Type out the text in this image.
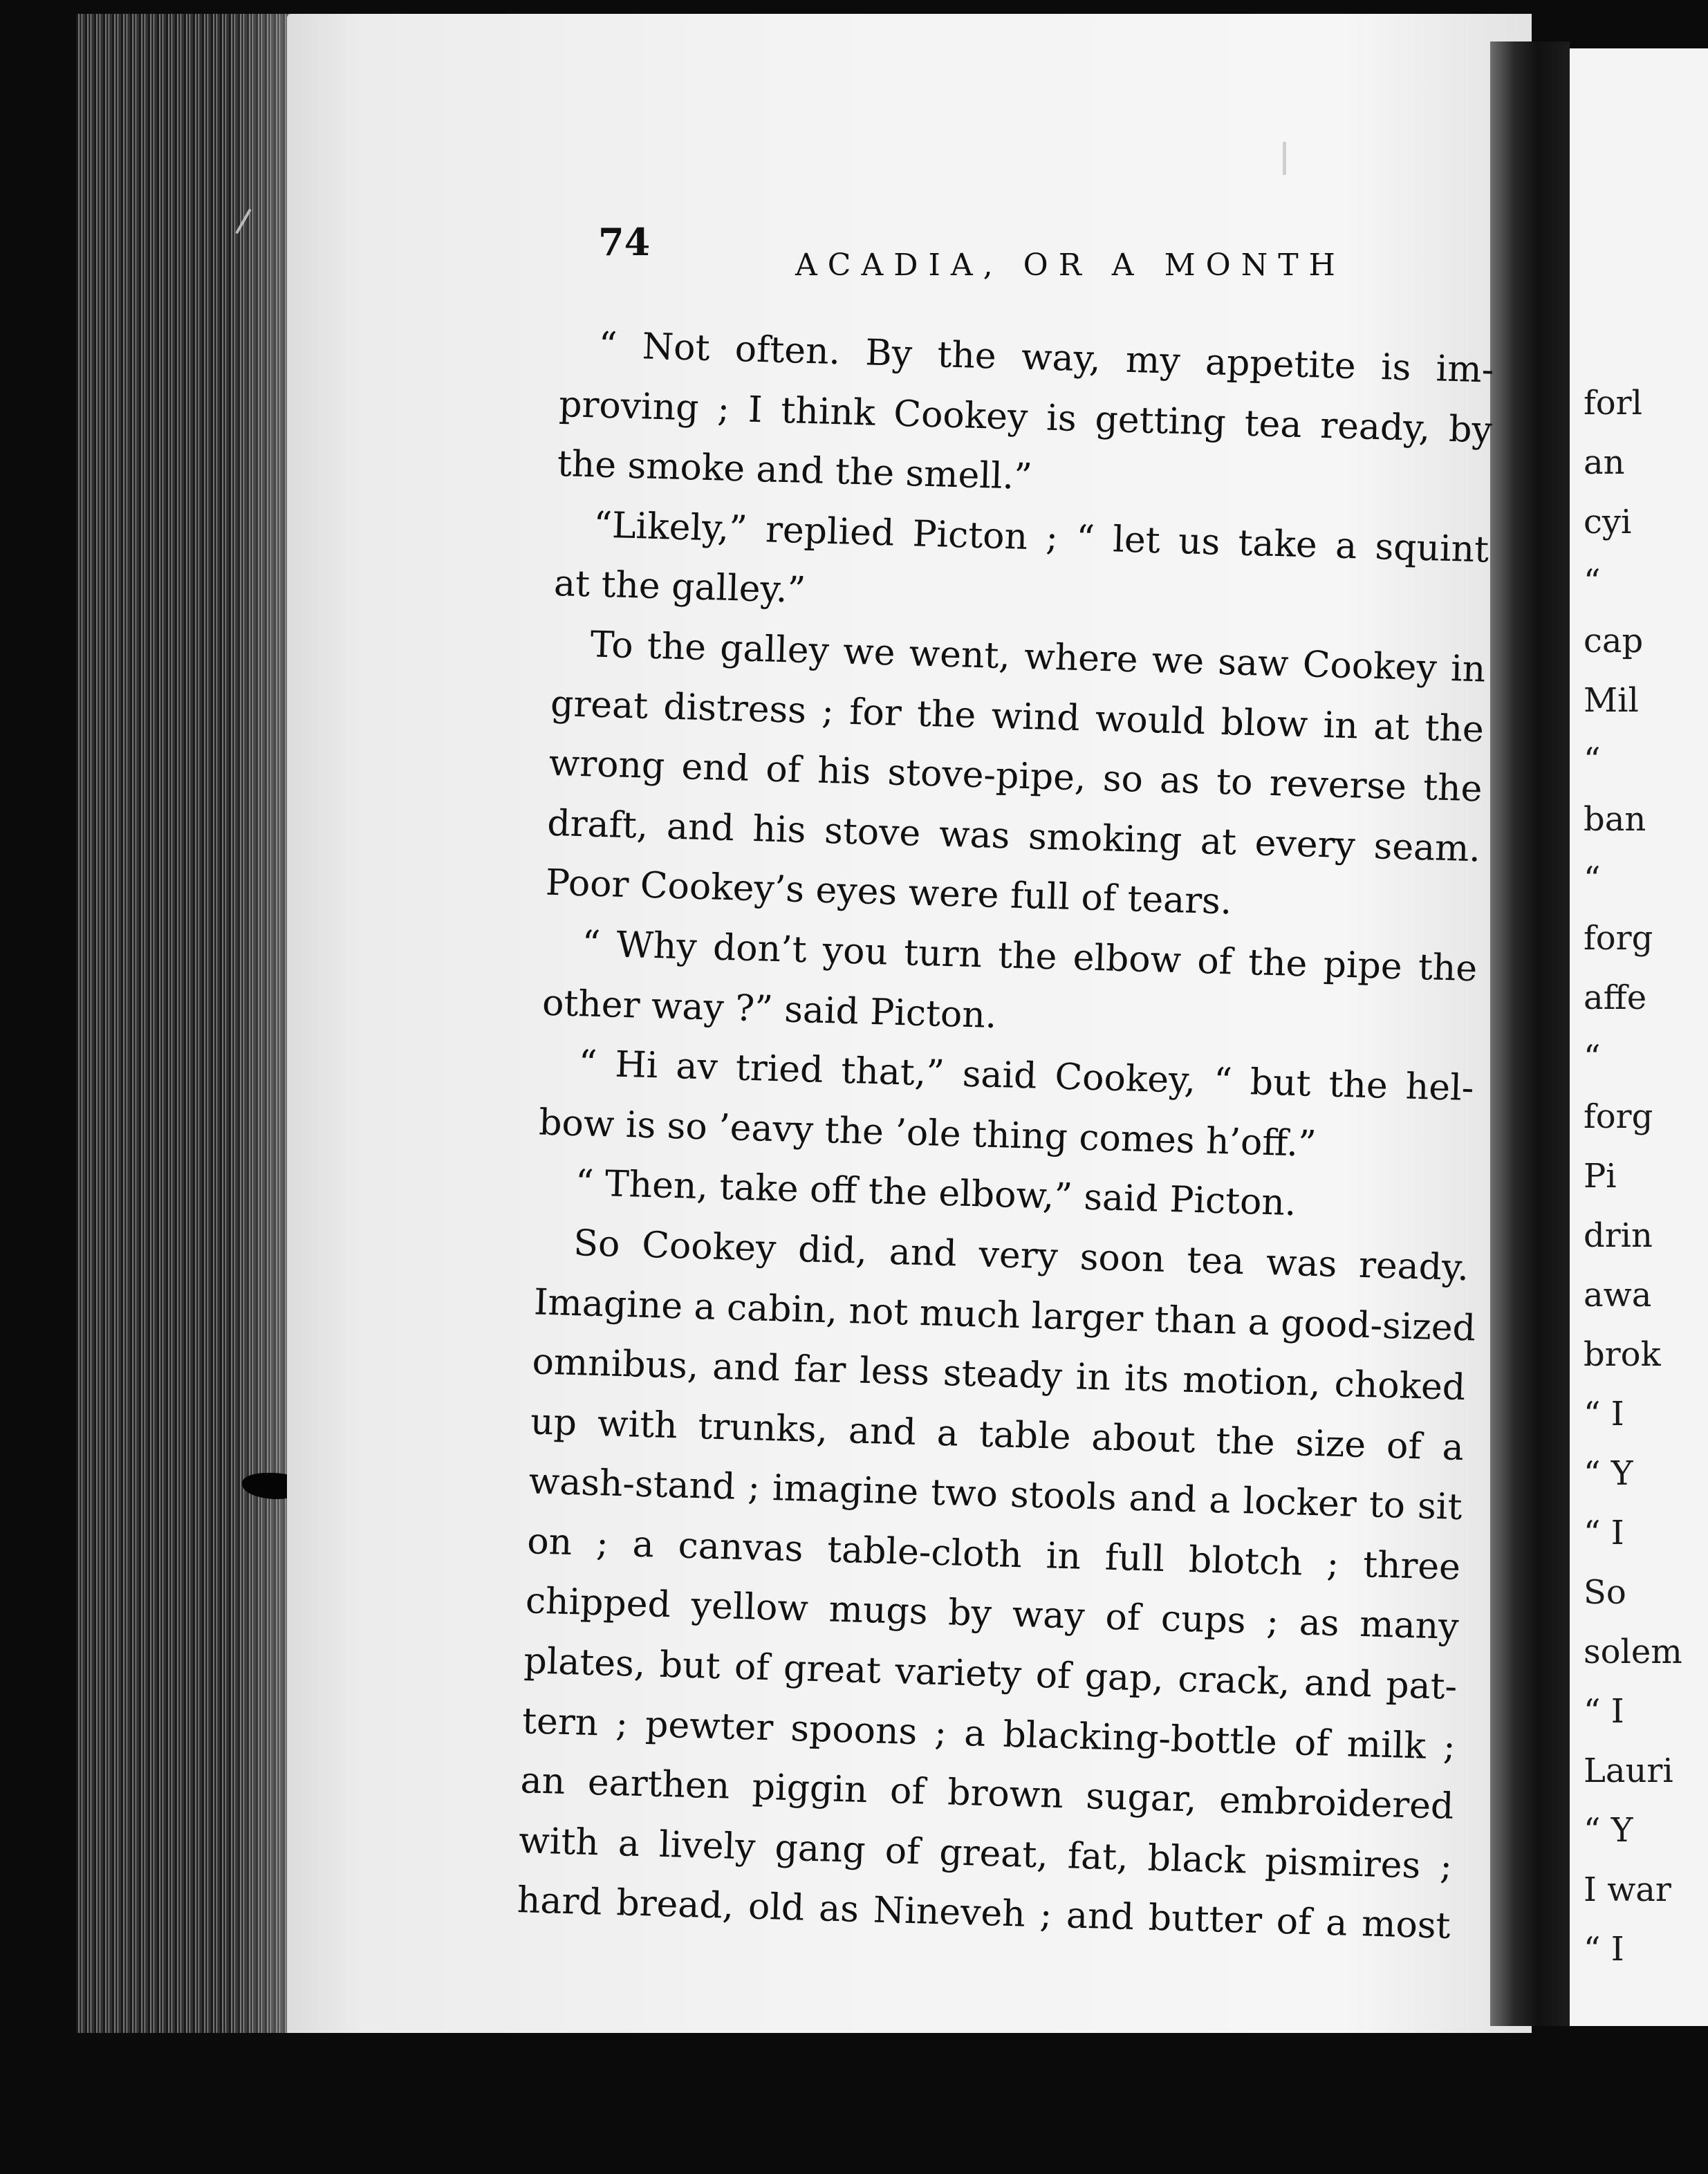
forl
an
cyi
“
cap
Mil
“
ban
“
forg
affe
“
forg
Pi
drin
awa
brok
“ I
“ Y
“ I
So
solem
“ I
Lauri
“ Y
I war
“ I
74
ACADIA, OR A MONTH
“ Not often. By the way, my appetite is im-
proving ; I think Cookey is getting tea ready, by
the smoke and the smell.”
“Likely,” replied Picton ; “ let us take a squint
at the galley.”
To the galley we went, where we saw Cookey in
great distress ; for the wind would blow in at the
wrong end of his stove-pipe, so as to reverse the
draft, and his stove was smoking at every seam.
Poor Cookey’s eyes were full of tears.
“ Why don’t you turn the elbow of the pipe the
other way ?” said Picton.
“ Hi av tried that,” said Cookey, “ but the hel-
bow is so ’eavy the ’ole thing comes h’off.”
“ Then, take off the elbow,” said Picton.
So Cookey did, and very soon tea was ready.
Imagine a cabin, not much larger than a good-sized
omnibus, and far less steady in its motion, choked
up with trunks, and a table about the size of a
wash-stand ; imagine two stools and a locker to sit
on ; a canvas table-cloth in full blotch ; three
chipped yellow mugs by way of cups ; as many
plates, but of great variety of gap, crack, and pat-
tern ; pewter spoons ; a blacking-bottle of milk ;
an earthen piggin of brown sugar, embroidered
with a lively gang of great, fat, black pismires ;
hard bread, old as Nineveh ; and butter of a most
